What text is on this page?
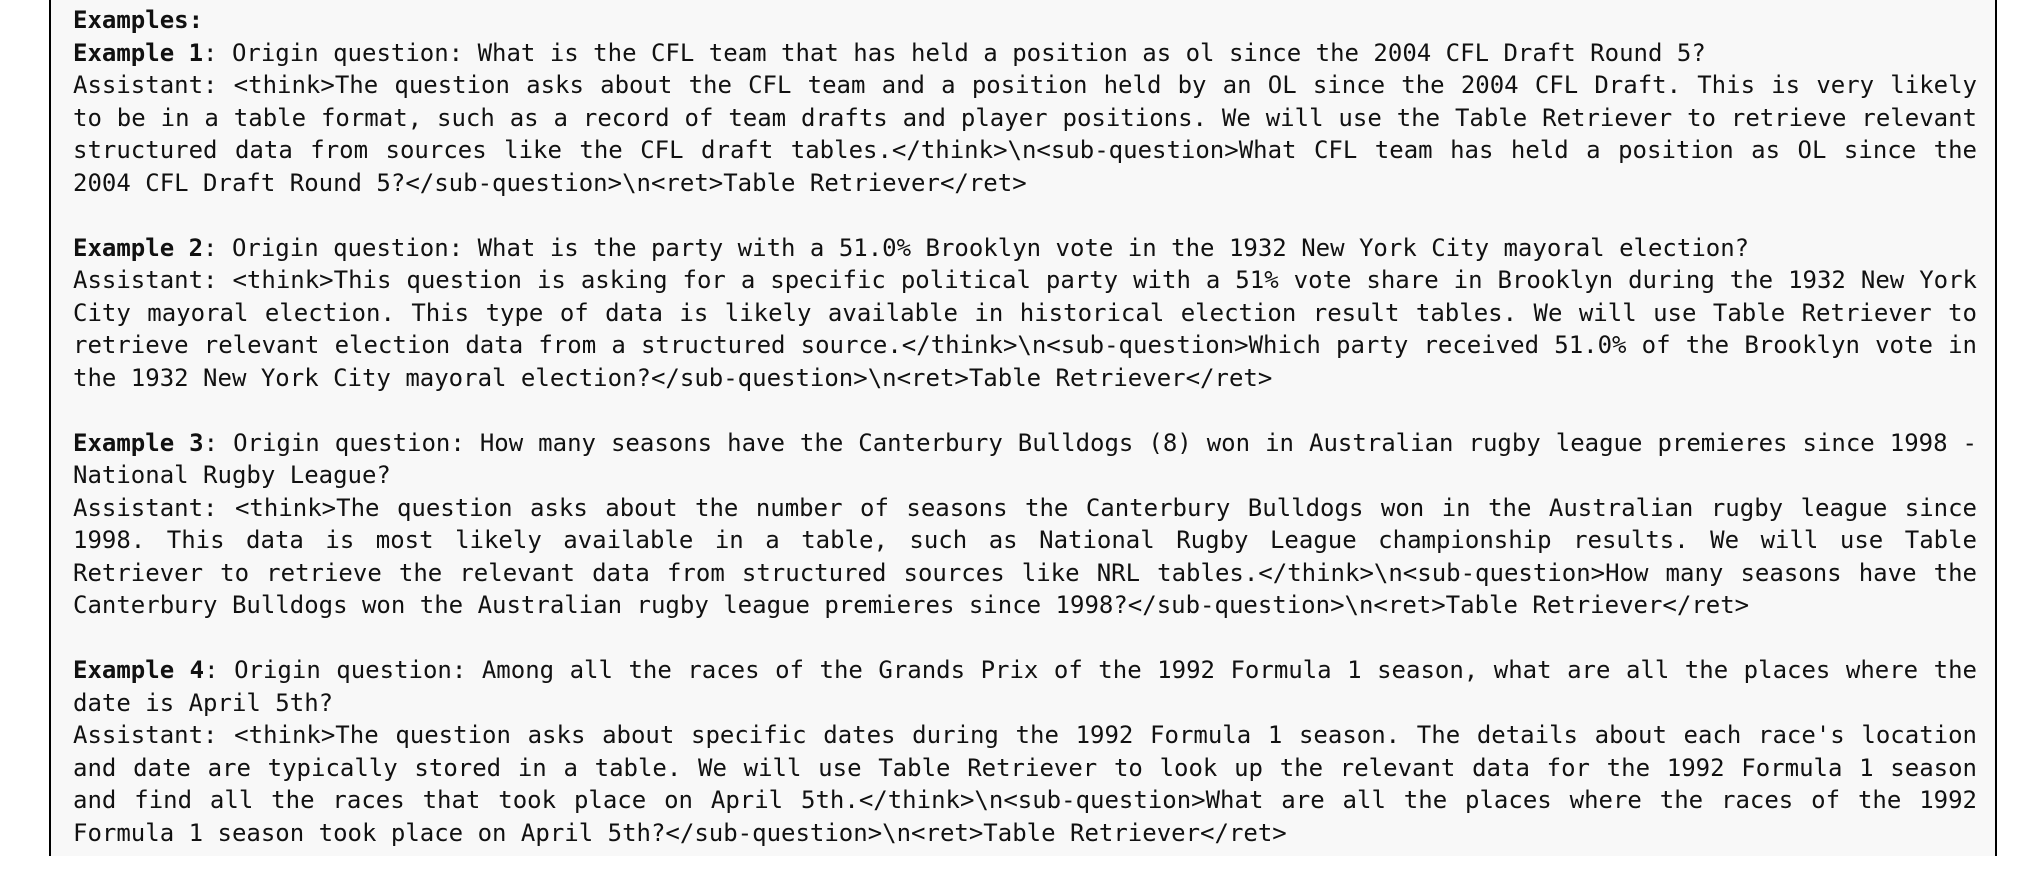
Examples:
Example 1: Origin question: What is the CFL team that has held a position as ol since the 2004 CFL Draft Round 5?
Assistant: <think>The question asks about the CFL team and a position held by an OL since the 2004 CFL Draft. This is very likely to be in a table format, such as a record of team drafts and player positions. We will use the Table Retriever to retrieve relevant structured data from sources like the CFL draft tables.</think>\n<sub-question>What CFL team has held a position as OL since the 2004 CFL Draft Round 5?</sub-question>\n<ret>Table Retriever</ret>
Example 2: Origin question: What is the party with a 51.0% Brooklyn vote in the 1932 New York City mayoral election?
Assistant: <think>This question is asking for a specific political party with a 51% vote share in Brooklyn during the 1932 New York City mayoral election. This type of data is likely available in historical election result tables. We will use Table Retriever to retrieve relevant election data from a structured source.</think>\n<sub-question>Which party received 51.0% of the Brooklyn vote in the 1932 New York City mayoral election?</sub-question>\n<ret>Table Retriever</ret>
Example 3: Origin question: How many seasons have the Canterbury Bulldogs (8) won in Australian rugby league premieres since 1998 - National Rugby League?
Assistant: <think>The question asks about the number of seasons the Canterbury Bulldogs won in the Australian rugby league since 1998. This data is most likely available in a table, such as National Rugby League championship results. We will use Table Retriever to retrieve the relevant data from structured sources like NRL tables.</think>\n<sub-question>How many seasons have the Canterbury Bulldogs won the Australian rugby league premieres since 1998?</sub-question>\n<ret>Table Retriever</ret>
Example 4: Origin question: Among all the races of the Grands Prix of the 1992 Formula 1 season, what are all the places where the date is April 5th?
Assistant: <think>The question asks about specific dates during the 1992 Formula 1 season. The details about each race's location and date are typically stored in a table. We will use Table Retriever to look up the relevant data for the 1992 Formula 1 season and find all the races that took place on April 5th.</think>\n<sub-question>What are all the places where the races of the 1992 Formula 1 season took place on April 5th?</sub-question>\n<ret>Table Retriever</ret>
